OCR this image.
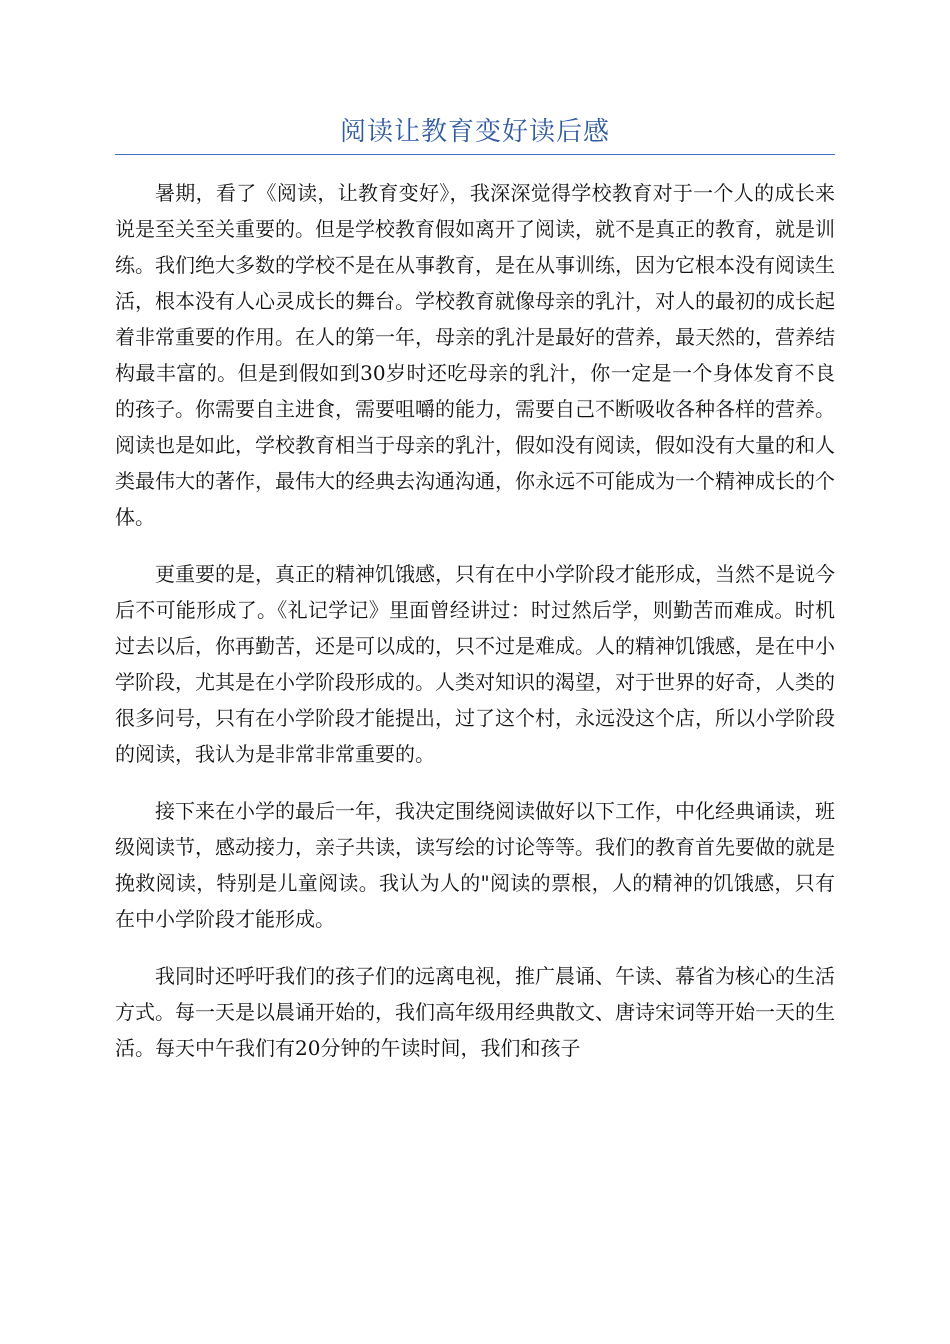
阅读让教育变好读后感

暑期，看了《阅读，让教育变好》，我深深觉得学校教育对于一个人的成长来说是至关至关重要的。但是学校教育假如离开了阅读，就不是真正的教育，就是训练。我们绝大多数的学校不是在从事教育，是在从事训练，因为它根本没有阅读生活，根本没有人心灵成长的舞台。学校教育就像母亲的乳汁，对人的最初的成长起着非常重要的作用。在人的第一年，母亲的乳汁是最好的营养，最天然的，营养结构最丰富的。但是到假如到30岁时还吃母亲的乳汁，你一定是一个身体发育不良的孩子。你需要自主进食，需要咀嚼的能力，需要自己不断吸收各种各样的营养。阅读也是如此，学校教育相当于母亲的乳汁，假如没有阅读，假如没有大量的和人类最伟大的著作，最伟大的经典去沟通沟通，你永远不可能成为一个精神成长的个体。

更重要的是，真正的精神饥饿感，只有在中小学阶段才能形成，当然不是说今后不可能形成了。《礼记学记》里面曾经讲过：时过然后学，则勤苦而难成。时机过去以后，你再勤苦，还是可以成的，只不过是难成。人的精神饥饿感，是在中小学阶段，尤其是在小学阶段形成的。人类对知识的渴望，对于世界的好奇，人类的很多问号，只有在小学阶段才能提出，过了这个村，永远没这个店，所以小学阶段的阅读，我认为是非常非常重要的。

接下来在小学的最后一年，我决定围绕阅读做好以下工作，中化经典诵读，班级阅读节，感动接力，亲子共读，读写绘的讨论等等。我们的教育首先要做的就是挽救阅读，特别是儿童阅读。我认为人的"阅读的票根，人的精神的饥饿感，只有在中小学阶段才能形成。

我同时还呼吁我们的孩子们的远离电视，推广晨诵、午读、幕省为核心的生活方式。每一天是以晨诵开始的，我们高年级用经典散文、唐诗宋词等开始一天的生活。每天中午我们有20分钟的午读时间，我们和孩子
